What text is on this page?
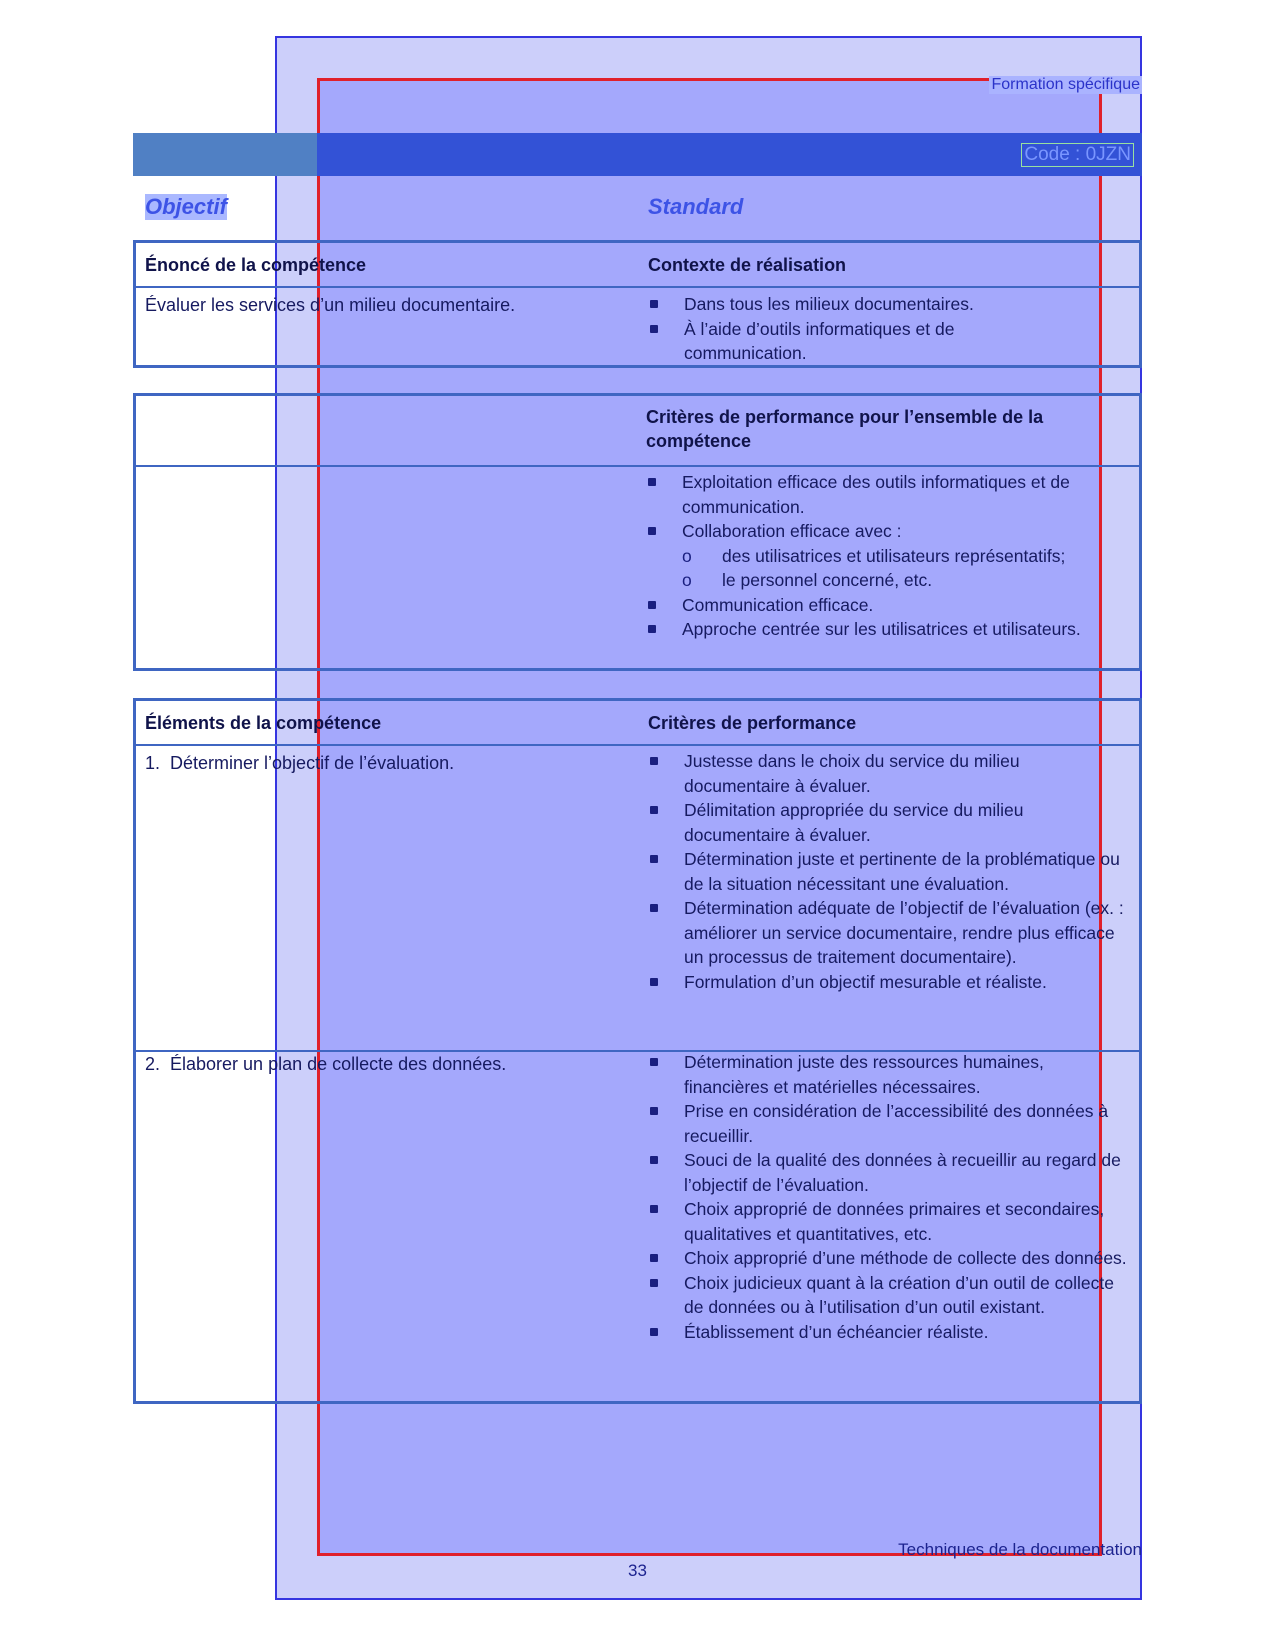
Formation spécifique
Code : 0JZN
Objectif	Standard
Énoncé de la compétence	Contexte de réalisation
Évaluer les services d’un milieu documentaire.	Dans tous les milieux documentaires.
À l’aide d’outils informatiques et de communication.
Critères de performance pour l’ensemble de la compétence
Exploitation efficace des outils informatiques et de communication.
Collaboration efficace avec :
o des utilisatrices et utilisateurs représentatifs;
o le personnel concerné, etc.
Communication efficace.
Approche centrée sur les utilisatrices et utilisateurs.
Éléments de la compétence	Critères de performance
1.  Déterminer l’objectif de l’évaluation.	Justesse dans le choix du service du milieu documentaire à évaluer.
Délimitation appropriée du service du milieu documentaire à évaluer.
Détermination juste et pertinente de la problématique ou de la situation nécessitant une évaluation.
Détermination adéquate de l’objectif de l’évaluation (ex. : améliorer un service documentaire, rendre plus efficace un processus de traitement documentaire).
Formulation d’un objectif mesurable et réaliste.
2.  Élaborer un plan de collecte des données.	Détermination juste des ressources humaines, financières et matérielles nécessaires.
Prise en considération de l’accessibilité des données à recueillir.
Souci de la qualité des données à recueillir au regard de l’objectif de l’évaluation.
Choix approprié de données primaires et secondaires, qualitatives et quantitatives, etc.
Choix approprié d’une méthode de collecte des données.
Choix judicieux quant à la création d’un outil de collecte de données ou à l’utilisation d’un outil existant.
Établissement d’un échéancier réaliste.
Techniques de la documentation
33
